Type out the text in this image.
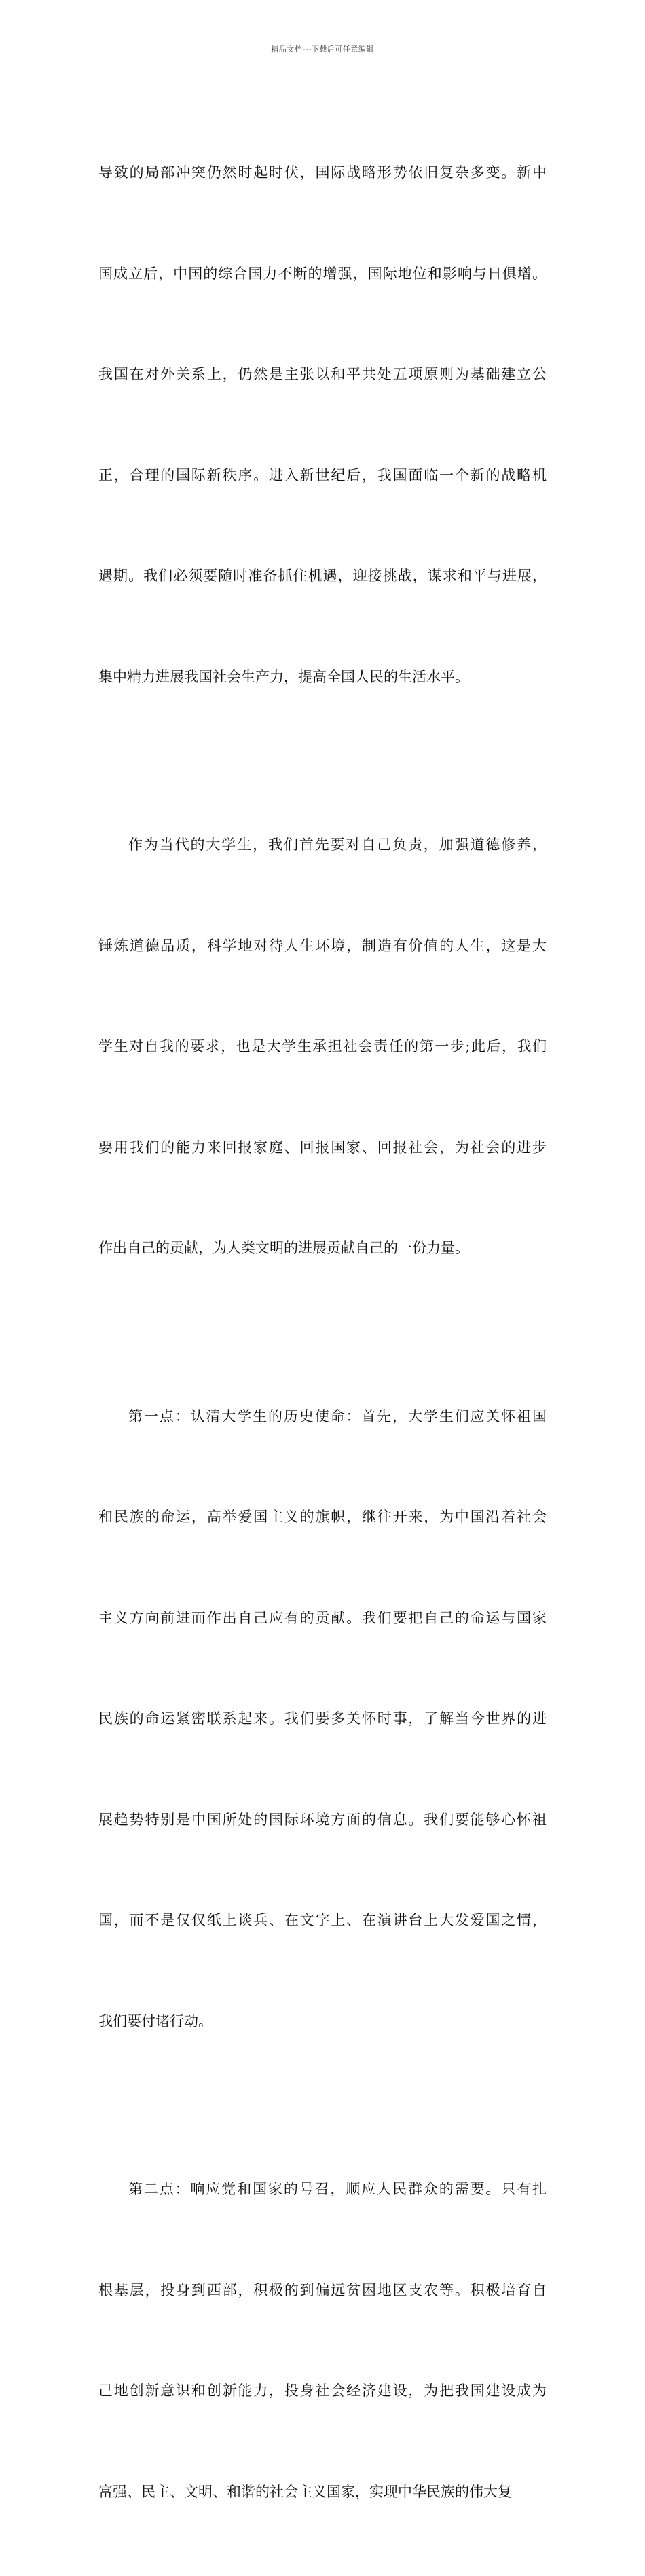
精品文档---下载后可任意编辑

导致的局部冲突仍然时起时伏，国际战略形势依旧复杂多变。新中

国成立后，中国的综合国力不断的增强，国际地位和影响与日俱增。

我国在对外关系上，仍然是主张以和平共处五项原则为基础建立公

正，合理的国际新秩序。进入新世纪后，我国面临一个新的战略机

遇期。我们必须要随时准备抓住机遇，迎接挑战，谋求和平与进展，

集中精力进展我国社会生产力，提高全国人民的生活水平。

作为当代的大学生，我们首先要对自己负责，加强道德修养，

锤炼道德品质，科学地对待人生环境，制造有价值的人生，这是大

学生对自我的要求，也是大学生承担社会责任的第一步;此后，我们

要用我们的能力来回报家庭、回报国家、回报社会，为社会的进步

作出自己的贡献，为人类文明的进展贡献自己的一份力量。

第一点：认清大学生的历史使命：首先，大学生们应关怀祖国

和民族的命运，高举爱国主义的旗帜，继往开来，为中国沿着社会

主义方向前进而作出自己应有的贡献。我们要把自己的命运与国家

民族的命运紧密联系起来。我们要多关怀时事，了解当今世界的进

展趋势特别是中国所处的国际环境方面的信息。我们要能够心怀祖

国，而不是仅仅纸上谈兵、在文字上、在演讲台上大发爱国之情，

我们要付诸行动。

第二点：响应党和国家的号召，顺应人民群众的需要。只有扎

根基层，投身到西部，积极的到偏远贫困地区支农等。积极培育自

己地创新意识和创新能力，投身社会经济建设，为把我国建设成为

富强、民主、文明、和谐的社会主义国家，实现中华民族的伟大复
